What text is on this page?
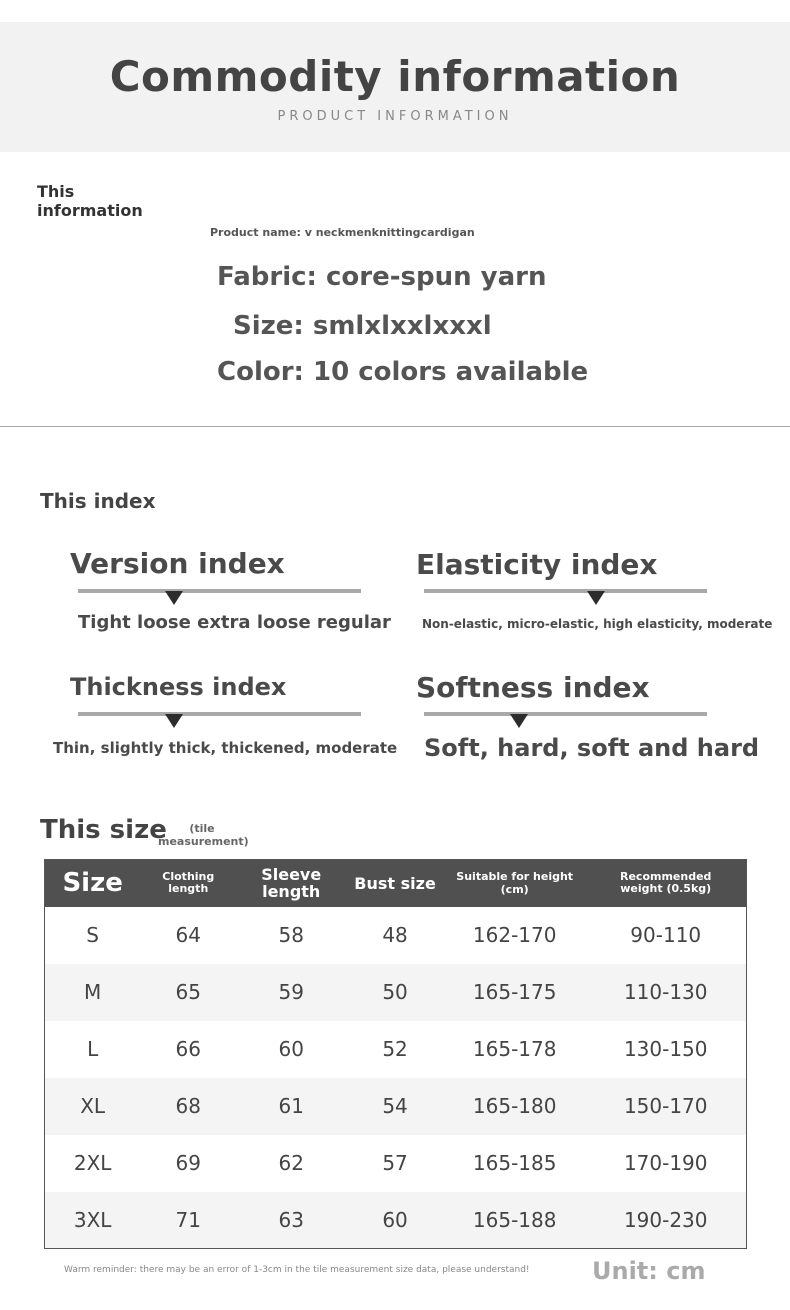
Commodity information
PRODUCT INFORMATION
This information
Product name: v neckmenknittingcardigan
Fabric: core-spun yarn
Size: smlxlxxlxxxl
Color: 10 colors available
This index
Version index
Tight loose extra loose regular
Elasticity index
Non-elastic, micro-elastic, high elasticity, moderate
Thickness index
Thin, slightly thick, thickened, moderate
Softness index
Soft, hard, soft and hard
This size	(tile measurement)
Size	Clothing length	Sleeve length	Bust size	Suitable for height (cm)	Recommended weight (0.5kg)
S	64	58	48	162-170	90-110
M	65	59	50	165-175	110-130
L	66	60	52	165-178	130-150
XL	68	61	54	165-180	150-170
2XL	69	62	57	165-185	170-190
3XL	71	63	60	165-188	190-230
Warm reminder: there may be an error of 1-3cm in the tile measurement size data, please understand!	Unit: cm
